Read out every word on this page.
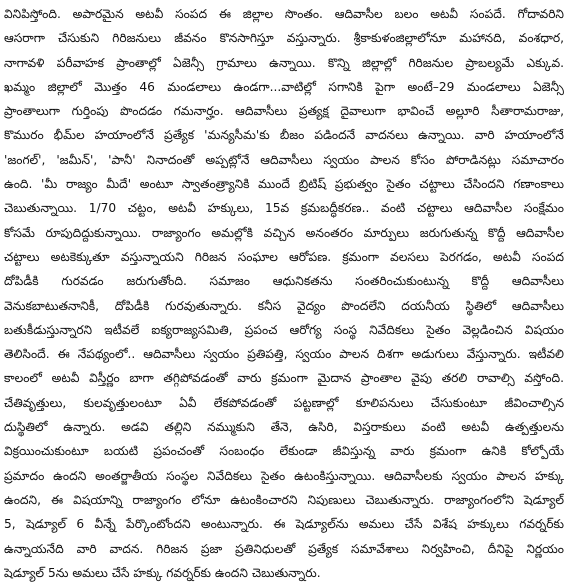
వినిపిస్తోంది. అపారమైన అటవీ సంపద ఈ జిల్లాల సొంతం. ఆదివాసీల బలం అటవీ సంపదే. గోదావరిని
ఆసరాగా చేసుకుని గిరిజనులు జీవనం కొనసాగిస్తూ వస్తున్నారు. శ్రీకాకుళంజిల్లాలోనూ మహానది, వంశధార,
నాగావళి పరీవాహక ప్రాంతాల్లో ఏజెన్సీ గ్రామాలు ఉన్నాయి. కొన్ని జిల్లాల్లో గిరిజనుల ప్రాబల్యమే ఎక్కువ.
ఖమ్మం జిల్లాలో మొత్తం 46 మండలాలు ఉండగా...వాటిల్లో సగానికి పైగా అంటే–29 మండలాలు ఏజెన్సీ
ప్రాంతాలుగా గుర్తింపు పొందడం గమనార్హం. ఆదివాసీలు ప్రత్యక్ష దైవాలుగా భావించే అల్లూరి సీతారామరాజు,
కొమురం భీమ్‌ల హయాంలోనే ప్రత్యేక 'మన్యసీమ'కు బీజం పడిందనే వాదనలు ఉన్నాయి. వారి హయాంలోనే
'జంగల్', 'జమీన్', 'పానీ' నినాదంతో అప్పట్లోనే ఆదివాసీలు స్వయం పాలన కోసం పోరాడినట్లు సమాచారం
ఉంది. 'మీ రాజ్యం మీదే' అంటూ స్వాతంత్ర్యానికి ముందే బ్రిటిష్ ప్రభుత్వం సైతం చట్టాలు చేసిందని గణాంకాలు
చెబుతున్నాయి. 1/70 చట్టం, అటవీ హక్కులు, 15వ క్రమబద్ధీకరణ.. వంటి చట్టాలు ఆదివాసీల సంక్షేమం
కోసమే రూపుదిద్దుకున్నాయి. రాజ్యాంగం అమల్లోకి వచ్చిన అనంతరం మార్పులు జరుగుతున్న కొద్దీ ఆదివాసీల
చట్టాలు అటకెక్కుతూ వస్తున్నాయని గిరిజన సంఘాల ఆరోపణ. క్రమంగా వలసలు పెరగడం, అటవీ సంపద
దోపిడీకి గురవడం జరుగుతోంది. సమాజం ఆధునికతను సంతరించుకుంటున్న కొద్దీ ఆదివాసీలు
వెనుకబాటుతనానికీ, దోపిడీకి గురవుతున్నారు. కనీస వైద్యం పొందలేని దయనీయ స్థితిలో ఆదివాసీలు
బతుకీడుస్తున్నారని ఇటీవలే ఐక్యరాజ్యసమితి, ప్రపంచ ఆరోగ్య సంస్థ నివేదికలు సైతం వెల్లడించిన విషయం
తెలిసిందే. ఈ నేపథ్యంలో.. ఆదివాసీలు స్వయం ప్రతిపత్తి, స్వయం పాలన దిశగా అడుగులు వేస్తున్నారు. ఇటీవలి
కాలంలో అటవీ విస్తీర్ణం బాగా తగ్గిపోవడంతో వారు క్రమంగా మైదాన ప్రాంతాల వైపు తరలి రావాల్సి వస్తోంది.
చేతివృత్తులు, కులవృత్తులంటూ ఏవీ లేకపోవడంతో పట్టణాల్లో కూలిపనులు చేసుకుంటూ జీవించాల్సిన
దుస్థితిలో ఉన్నారు. అడవి తల్లిని నమ్ముకుని తేనె, ఉసిరి, విస్తరాకులు వంటి అటవీ ఉత్పత్తులను
విక్రయించుకుంటూ బయటి ప్రపంచంతో సంబంధం లేకుండా జీవిస్తున్న వారు క్రమంగా ఉనికి కోల్పోయే
ప్రమాదం ఉందని అంతర్జాతీయ సంస్థల నివేదికలు సైతం ఉటంకిస్తున్నాయి. ఆదివాసీలకు స్వయం పాలన హక్కు
ఉందని, ఈ విషయాన్ని రాజ్యాంగం లోనూ ఉటంకించారని నిపుణులు చెబుతున్నారు. రాజ్యాంగంలోని షెడ్యూల్
5, షెడ్యూల్ 6 వీన్నే పేర్కొంటోందని అంటున్నారు. ఈ షెడ్యూల్‌ను అమలు చేసే విశేష హక్కులు గవర్నర్‌కు
ఉన్నాయనేది వారి వాదన. గిరిజన ప్రజా ప్రతినిధులతో ప్రత్యేక సమావేశాలు నిర్వహించి, దీనిపై నిర్ణయం
షెడ్యూల్ 5ను అమలు చేసే హక్కు గవర్నర్‌కు ఉందని చెబుతున్నారు.
